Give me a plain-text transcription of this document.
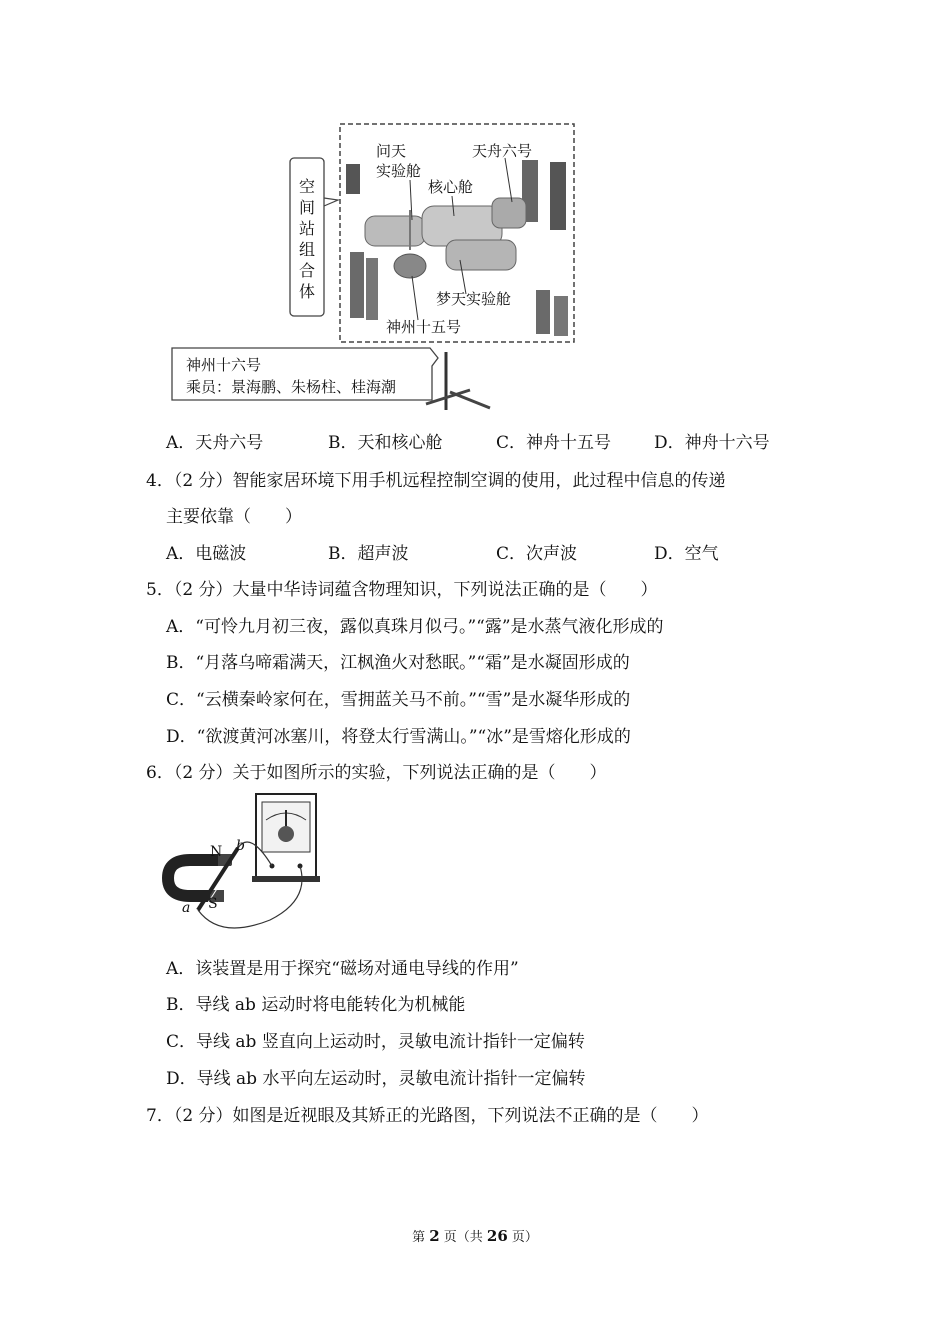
空间站组合体
问天
实验舱
天舟六号
核心舱
梦天实验舱
神州十五号
神州十六号
乘员：景海鹏、朱杨柱、桂海潮
A．天舟六号	B．天和核心舱	C．神舟十五号	D．神舟十六号
4．（2 分）智能家居环境下用手机远程控制空调的使用，此过程中信息的传递
主要依靠（　　）
A．电磁波	B．超声波	C．次声波	D．空气
5．（2 分）大量中华诗词蕴含物理知识，下列说法正确的是（　　）
A．“可怜九月初三夜，露似真珠月似弓。”“露”是水蒸气液化形成的
B．“月落乌啼霜满天，江枫渔火对愁眠。”“霜”是水凝固形成的
C．“云横秦岭家何在，雪拥蓝关马不前。”“雪”是水凝华形成的
D．“欲渡黄河冰塞川，将登太行雪满山。”“冰”是雪熔化形成的
6．（2 分）关于如图所示的实验，下列说法正确的是（　　）
N
S
a
b
A．该装置是用于探究“磁场对通电导线的作用”
B．导线 ab 运动时将电能转化为机械能
C．导线 ab 竖直向上运动时，灵敏电流计指针一定偏转
D．导线 ab 水平向左运动时，灵敏电流计指针一定偏转
7．（2 分）如图是近视眼及其矫正的光路图，下列说法不正确的是（　　）
第 2 页（共 26 页）
